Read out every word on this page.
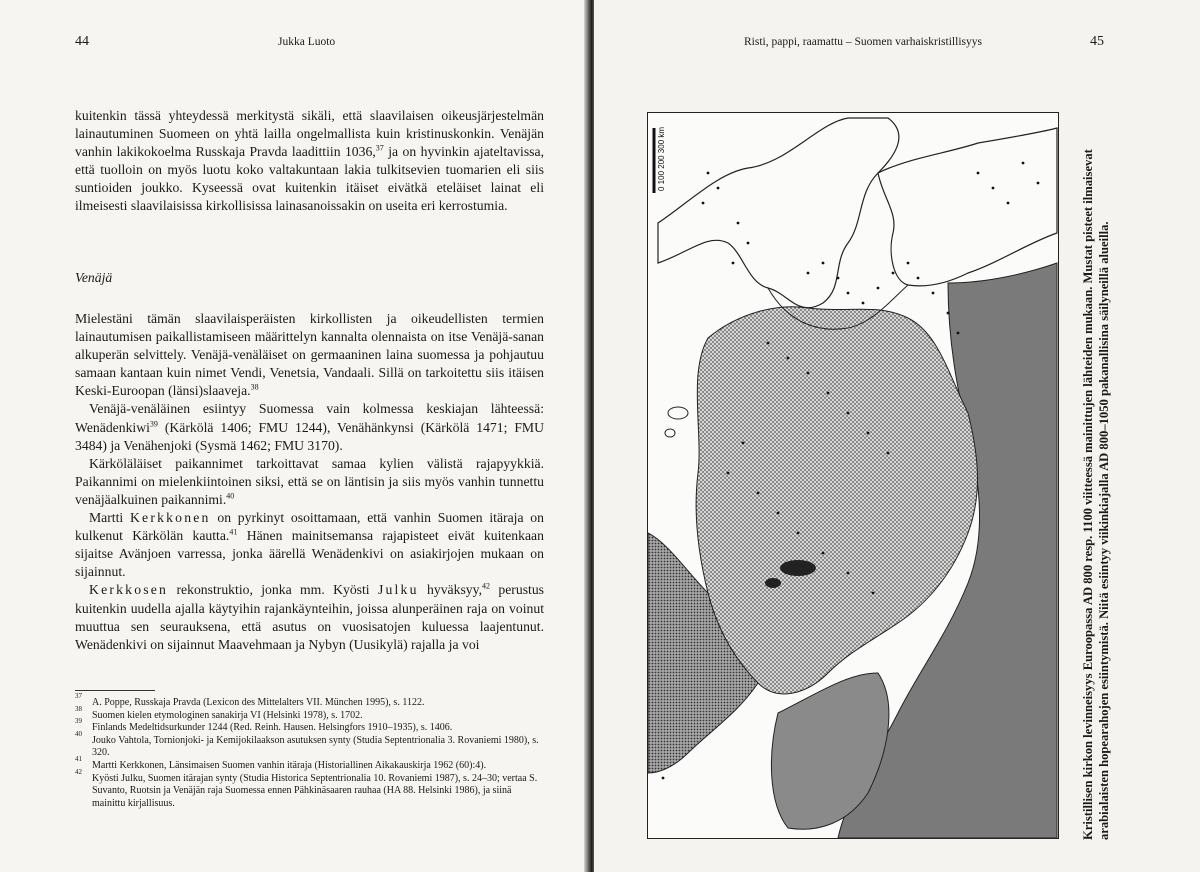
44	Jukka Luoto

kuitenkin tässä yhteydessä merkitystä sikäli, että slaavilaisen oikeusjärjestelmän lainautuminen Suomeen on yhtä lailla ongelmallista kuin kristinuskonkin. Venäjän vanhin lakikokoelma Russkaja Pravda laadittiin 1036,37 ja on hyvinkin ajateltavissa, että tuolloin on myös luotu koko valtakuntaan lakia tulkitsevien tuomarien eli siis suntioiden joukko. Kyseessä ovat kuitenkin itäiset eivätkä eteläiset lainat eli ilmeisesti slaavilaisissa kirkollisissa lainasanoissakin on useita eri kerrostumia.

Venäjä

Mielestäni tämän slaavilaisperäisten kirkollisten ja oikeudellisten termien lainautumisen paikallistamiseen määrittelyn kannalta olennaista on itse Venäjä-sanan alkuperän selvittely. Venäjä-venäläiset on germaaninen laina suomessa ja pohjautuu samaan kantaan kuin nimet Vendi, Venetsia, Vandaali. Sillä on tarkoitettu siis itäisen Keski-Euroopan (länsi)slaaveja.$^{38}$

Venäjä-venäläinen esiintyy Suomessa vain kolmessa keskiajan lähteessä: Wenädenkiwi$^{39}$ (Kärkölä 1406; FMU 1244), Venähänkynsi (Kärkölä 1471; FMU 3484) ja Venähenjoki (Sysmä 1462; FMU 3170).

Kärköläläiset paikannimet tarkoittavat samaa kylien välistä rajapyykkiä. Paikannimi on mielenkiintoinen siksi, että se on läntisin ja siis myös vanhin tunnettu venäjäalkuinen paikannimi.$^{40}$

Martti Kerkkonen on pyrkinyt osoittamaan, että vanhin Suomen itäraja on kulkenut Kärkölän kautta.$^{41}$ Hänen mainitsemansa rajapisteet eivät kuitenkaan sijaitse Avänjoen varressa, jonka äärellä Wenädenkivi on asiakirjojen mukaan on sijainnut.

Kerkkosen rekonstruktio, jonka mm. Kyösti Julku hyväksyy,$^{42}$ perustus kuitenkin uudella ajalla käytyihin rajankäynteihin, joissa alunperäinen raja on voinut muuttua sen seurauksena, että asutus on vuosisatojen kuluessa laajentunut. Wenädenkivi on sijainnut Maavehmaan ja Nybyn (Uusikylä) rajalla ja voi

37
A. Poppe, Russkaja Pravda (Lexicon des Mittelalters VII. München 1995), s. 1122.
38
Suomen kielen etymologinen sanakirja VI (Helsinki 1978), s. 1702.
39
Finlands Medeltidsurkunder 1244 (Red. Reinh. Hausen. Helsingfors 1910–1935), s. 1406.
40
Jouko Vahtola, Tornionjoki- ja Kemijokilaakson asutuksen synty (Studia Septentrionalia 3. Rovaniemi 1980), s. 320.
41
Martti Kerkkonen, Länsimaisen Suomen vanhin itäraja (Historiallinen Aikakauskirja 1962 (60):4).
42
Kyösti Julku, Suomen itärajan synty (Studia Historica Septentrionalia 10. Rovaniemi 1987), s. 24–30; vertaa S. Suvanto, Ruotsin ja Venäjän raja Suomessa ennen Pähkinäsaaren rauhaa (HA 88. Helsinki 1986), ja siinä mainittu kirjallisuus.
Risti, pappi, raamattu – Suomen varhaiskristillisyys	45
0 100 200 300 km	Kristillisen kirkon levinneisyys Euroopassa AD 800 resp. 1100 viitteessä mainittujen lähteiden mukaan. Mustat pisteet ilmaisevat arabialaisten hopearahojen esiintymistä. Niitä esiintyy viikinkiajalla AD 800–1050 pakanallisina säilyneillä alueilla.
